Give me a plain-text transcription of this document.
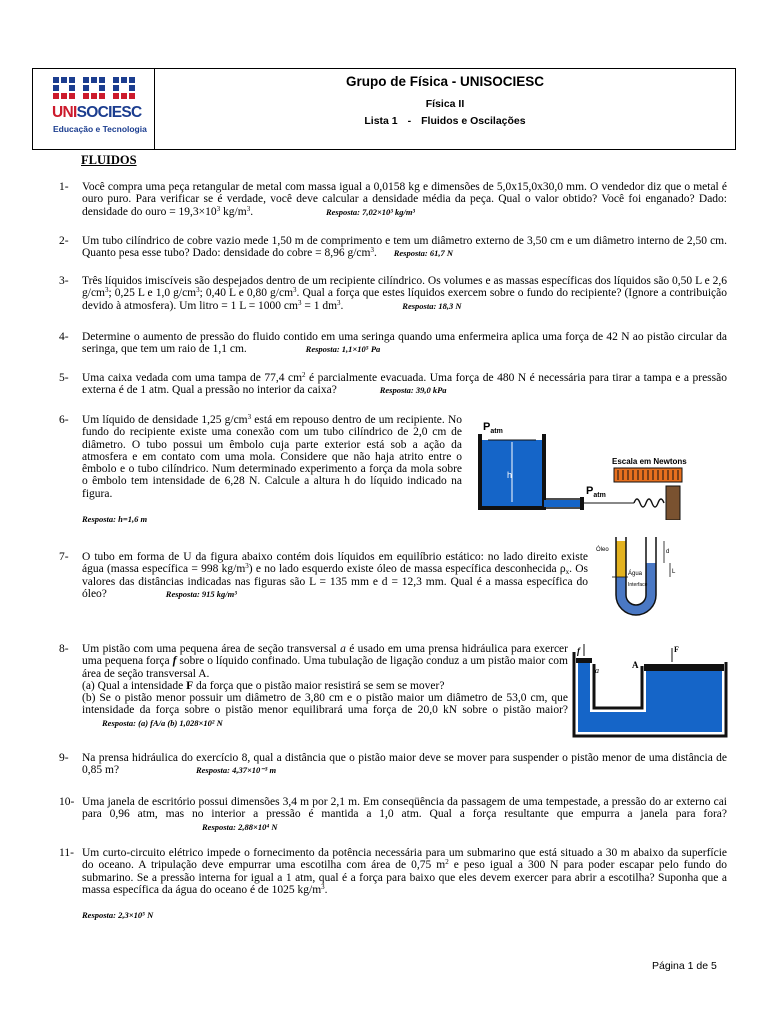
UNISOCIESC
Educação e Tecnologia
Grupo de Física - UNISOCIESC
Física II
Lista 1 - Fluidos e Oscilações
FLUIDOS
1- Você compra uma peça retangular de metal com massa igual a 0,0158 kg e dimensões de 5,0x15,0x30,0 mm. O vendedor diz que o metal é ouro puro. Para verificar se é verdade, você deve calcular a densidade média da peça. Qual o valor obtido? Você foi enganado? Dado: densidade do ouro = $19,3\times 10^3$ $kg/m^3$.	Resposta: 7,02×10³ kg/m³
2- Um tubo cilíndrico de cobre vazio mede 1,50 m de comprimento e tem um diâmetro externo de 3,50 cm e um diâmetro interno de 2,50 cm. Quanto pesa esse tubo? Dado: densidade do cobre = 8,96 $g/cm^3$. Resposta: 61,7 N
3- Três líquidos imiscíveis são despejados dentro de um recipiente cilíndrico. Os volumes e as massas específicas dos líquidos são 0,50 L e 2,6 $g/cm^3$; 0,25 L e 1,0 $g/cm^3$; 0,40 L e 0,80 $g/cm^3$. Qual a força que estes líquidos exercem sobre o fundo do recipiente? (Ignore a contribuição devido à atmosfera). Um litro = 1 L = 1000 $cm^3 = 1$ $dm^3$.	Resposta: 18,3 N
4- Determine o aumento de pressão do fluido contido em uma seringa quando uma enfermeira aplica uma força de 42 N ao pistão circular da seringa, que tem um raio de 1,1 cm.	Resposta: 1,1×10⁵ Pa
5- Uma caixa vedada com uma tampa de 77,4 $cm^2$ é parcialmente evacuada. Uma força de 480 N é necessária para tirar a tampa e a pressão externa é de 1 atm. Qual a pressão no interior da caixa?	Resposta: 39,0 kPa
6- Um líquido de densidade 1,25 $g/cm^3$ está em repouso dentro de um recipiente. No fundo do recipiente existe uma conexão com um tubo cilíndrico de 2,0 cm de diâmetro. O tubo possui um êmbolo cuja parte exterior está sob a ação da atmosfera e em contato com uma mola. Considere que não haja atrito entre o êmbolo e o tubo cilíndrico. Num determinado experimento a força da mola sobre o êmbolo tem intensidade de 6,28 N. Calcule a altura h do líquido indicado na figura.
Resposta: h=1,6 m
h
$P_{atm}$
$P_{atm}$
Escala em Newtons
7- O tubo em forma de U da figura abaixo contém dois líquidos em equilíbrio estático: no lado direito existe água (massa específica = 998 $kg/m^3$) e no lado esquerdo existe óleo de massa específica desconhecida $\rho_x$. Os valores das distâncias indicadas nas figuras são L = 135 mm e d = 12,3 mm. Qual é a massa específica do óleo?	Resposta: 915 kg/m³
Óleo
Água
Interface
d
L
8- Um pistão com uma pequena área de seção transversal a é usado em uma prensa hidráulica para exercer uma pequena força f sobre o líquido confinado. Uma tubulação de ligação conduz a um pistão maior com área de seção transversal A.
(a) Qual a intensidade F da força que o pistão maior resistirá se sem se mover?
(b) Se o pistão menor possuir um diâmetro de 3,80 cm e o pistão maior um diâmetro de 53,0 cm, que intensidade da força sobre o pistão menor equilibrará uma força de 20,0 kN sobre o pistão maior? Resposta: (a) fA/a (b) 1,028×10² N
f
a
A
F
9- Na prensa hidráulica do exercício 8, qual a distância que o pistão maior deve se mover para suspender o pistão menor de uma distância de 0,85 m?	Resposta: 4,37×10⁻³ m
10- Uma janela de escritório possui dimensões 3,4 m por 2,1 m. Em conseqüência da passagem de uma tempestade, a pressão do ar externo cai para 0,96 atm, mas no interior a pressão é mantida a 1,0 atm. Qual a força resultante que empurra a janela para fora? Resposta: 2,88×10⁴ N
11- Um curto-circuito elétrico impede o fornecimento da potência necessária para um submarino que está situado a 30 m abaixo da superfície do oceano. A tripulação deve empurrar uma escotilha com área de 0,75 $m^2$ e peso igual a 300 N para poder escapar pelo fundo do submarino. Se a pressão interna for igual a 1 atm, qual é a força para baixo que eles devem exercer para abrir a escotilha? Suponha que a massa específica da água do oceano é de 1025 $kg/m^3$.
Resposta: 2,3×10⁵ N
Página 1 de 5
